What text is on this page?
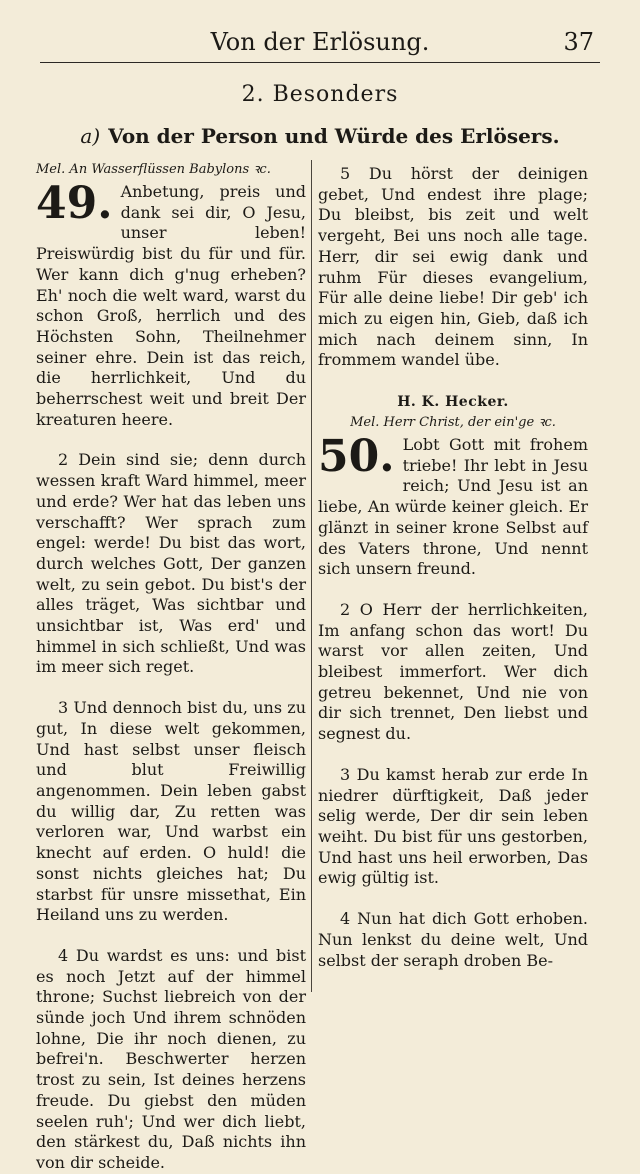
Von der Erlösung.	37
2. Besonders
a) Von der Person und Würde des Erlösers.

Mel. An Wasserflüssen Babylons ꝛc.

49. Anbetung, preis und dank sei dir, O Jesu, unser leben! Preiswürdig bist du für und für. Wer kann dich g'nug erheben? Eh' noch die welt ward, warst du schon Groß, herrlich und des Höchsten Sohn, Theilnehmer seiner ehre. Dein ist das reich, die herrlichkeit, Und du beherrschest weit und breit Der kreaturen heere.

2 Dein sind sie; denn durch wessen kraft Ward himmel, meer und erde? Wer hat das leben uns verschafft? Wer sprach zum engel: werde! Du bist das wort, durch welches Gott, Der ganzen welt, zu sein gebot. Du bist's der alles träget, Was sichtbar und unsichtbar ist, Was erd' und himmel in sich schließt, Und was im meer sich reget.

3 Und dennoch bist du, uns zu gut, In diese welt gekommen, Und hast selbst unser fleisch und blut Freiwillig angenommen. Dein leben gabst du willig dar, Zu retten was verloren war, Und warbst ein knecht auf erden. O huld! die sonst nichts gleiches hat; Du starbst für unsre missethat, Ein Heiland uns zu werden.

4 Du wardst es uns: und bist es noch Jetzt auf der himmel throne; Suchst liebreich von der sünde joch Und ihrem schnöden lohne, Die ihr noch dienen, zu befrei'n. Beschwerter herzen trost zu sein, Ist deines herzens freude. Du giebst den müden seelen ruh'; Und wer dich liebt, den stärkest du, Daß nichts ihn von dir scheide.

5 Du hörst der deinigen gebet, Und endest ihre plage; Du bleibst, bis zeit und welt vergeht, Bei uns noch alle tage. Herr, dir sei ewig dank und ruhm Für dieses evangelium, Für alle deine liebe! Dir geb' ich mich zu eigen hin, Gieb, daß ich mich nach deinem sinn, In frommem wandel übe.

H. K. Hecker.

Mel. Herr Christ, der ein'ge ꝛc.

50. Lobt Gott mit frohem triebe! Ihr lebt in Jesu reich; Und Jesu ist an liebe, An würde keiner gleich. Er glänzt in seiner krone Selbst auf des Vaters throne, Und nennt sich unsern freund.

2 O Herr der herrlichkeiten, Im anfang schon das wort! Du warst vor allen zeiten, Und bleibest immerfort. Wer dich getreu bekennet, Und nie von dir sich trennet, Den liebst und segnest du.

3 Du kamst herab zur erde In niedrer dürftigkeit, Daß jeder selig werde, Der dir sein leben weiht. Du bist für uns gestorben, Und hast uns heil erworben, Das ewig gültig ist.

4 Nun hat dich Gott erhoben. Nun lenkst du deine welt, Und selbst der seraph droben Be-
